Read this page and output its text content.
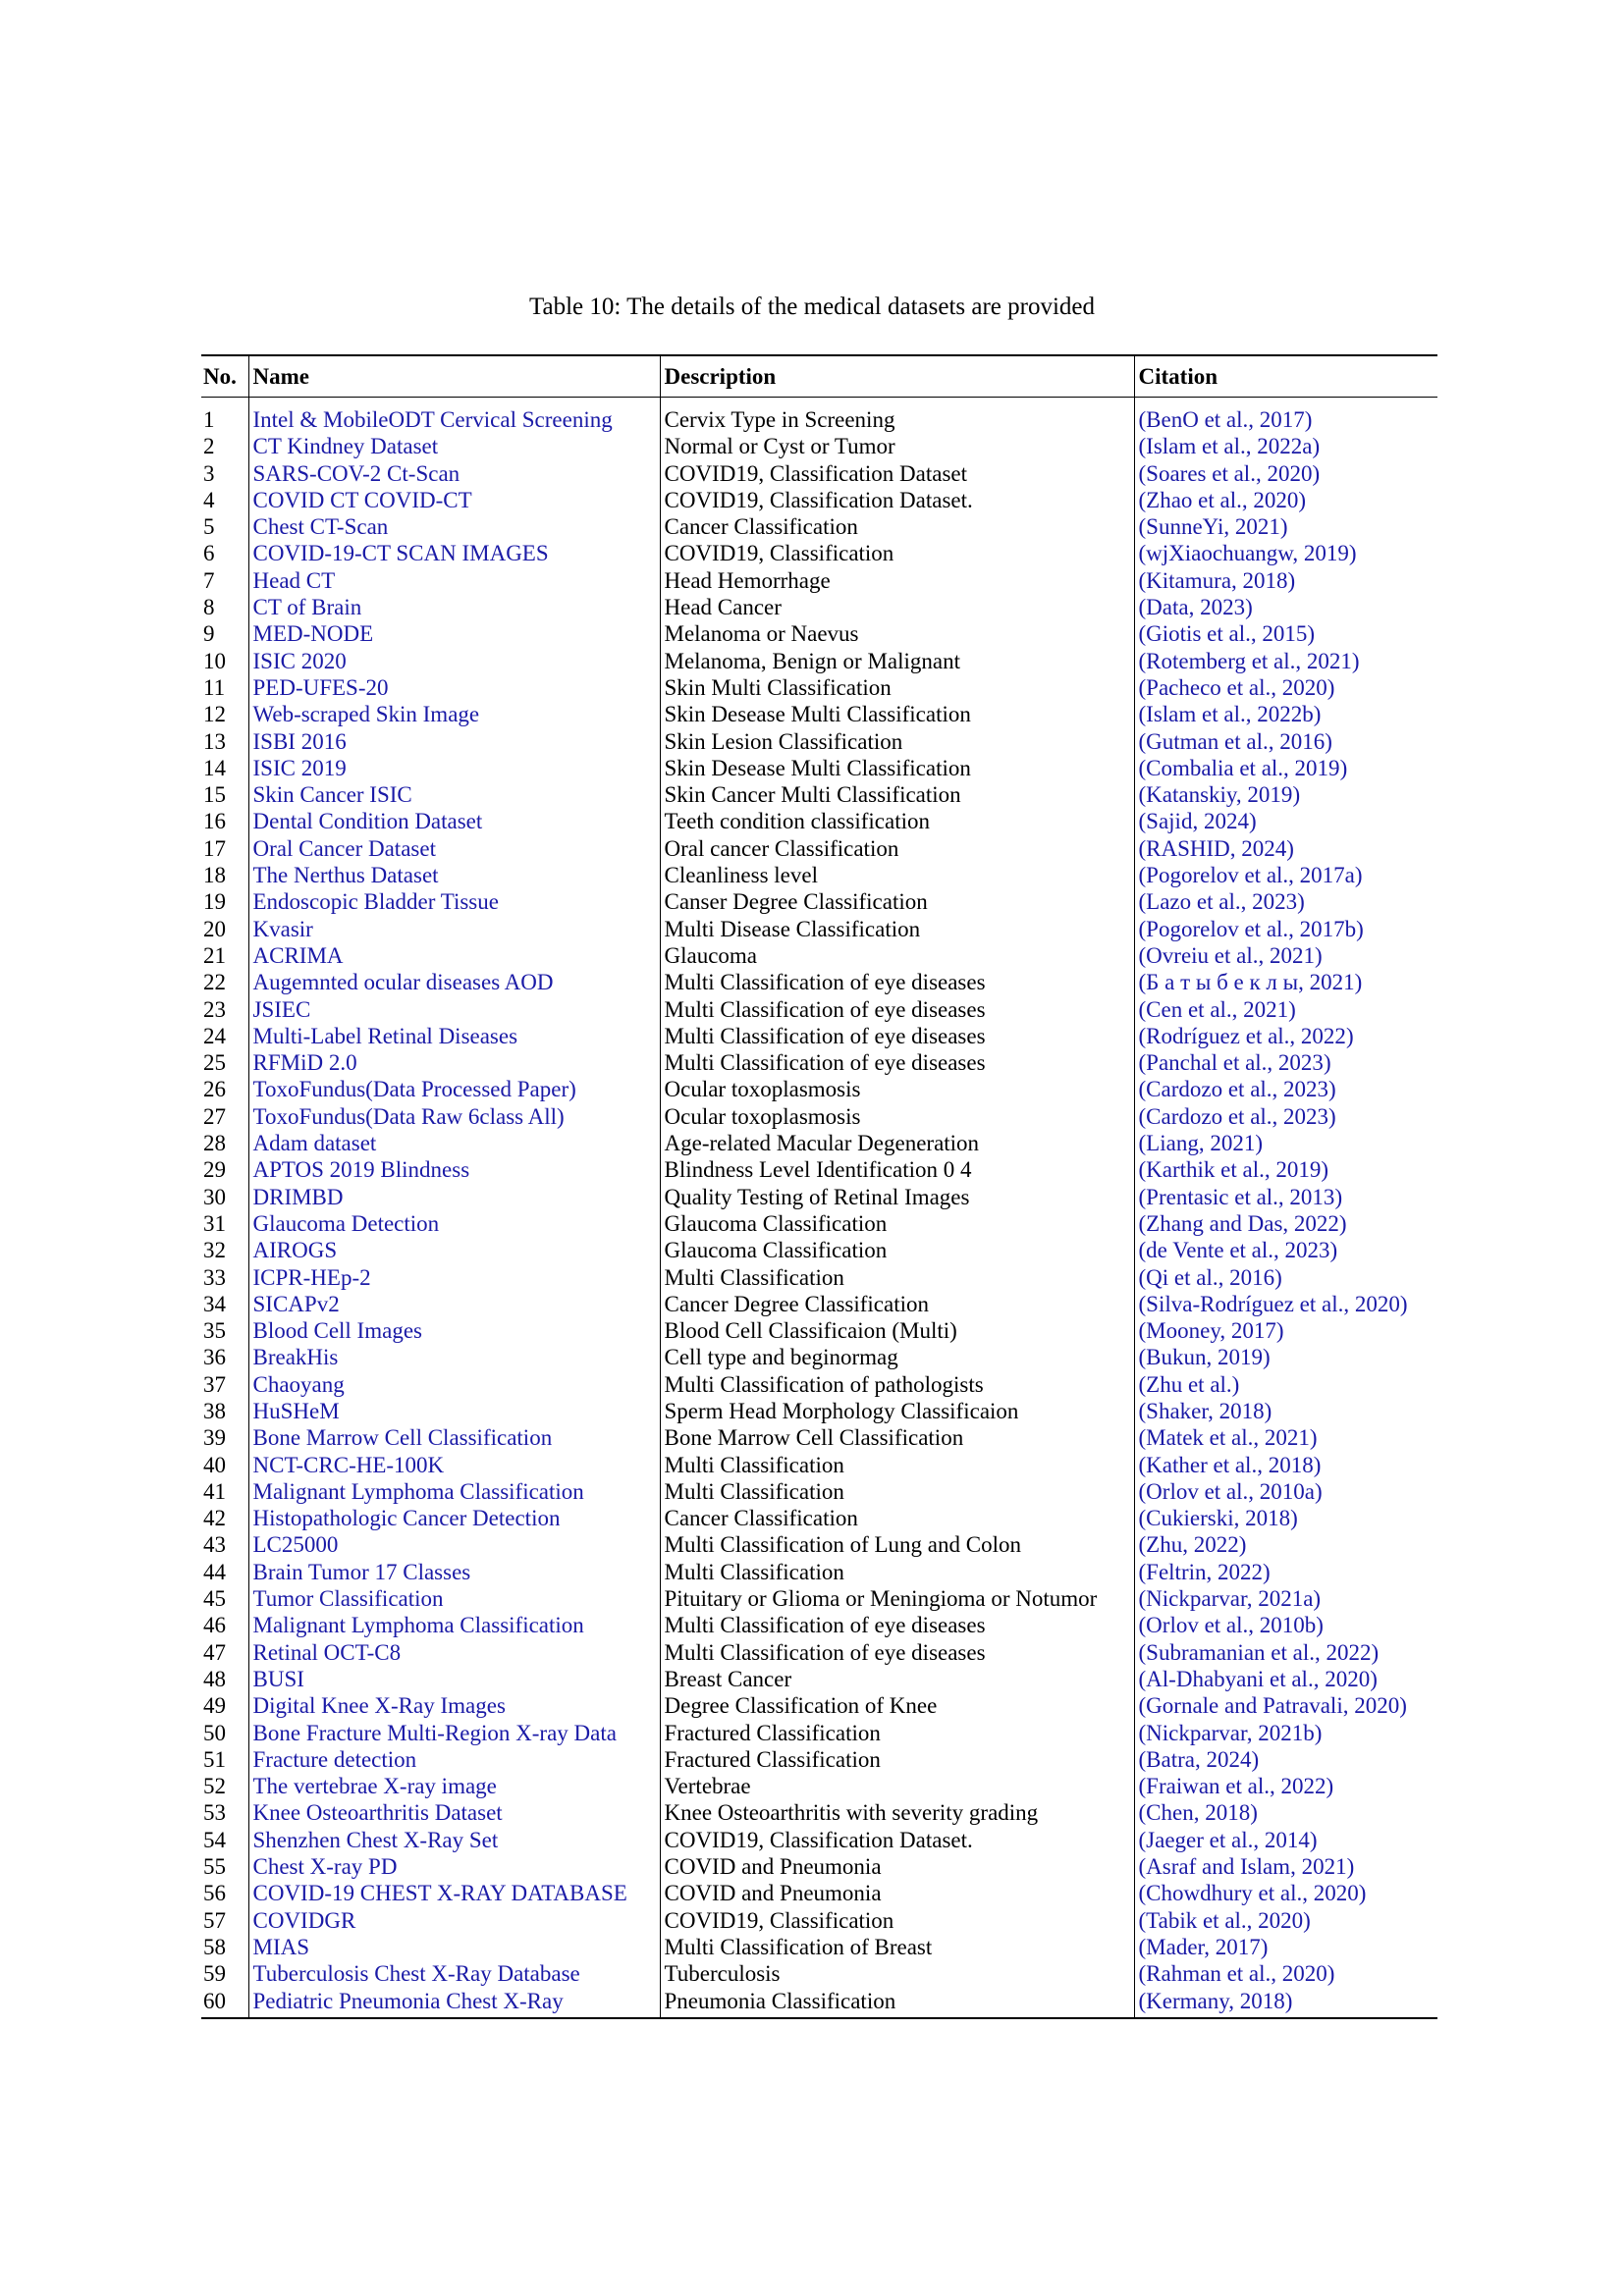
Table 10: The details of the medical datasets are provided
No.	Name	Description	Citation
1	Intel & MobileODT Cervical Screening	Cervix Type in Screening	(BenO et al., 2017)
2	CT Kindney Dataset	Normal or Cyst or Tumor	(Islam et al., 2022a)
3	SARS-COV-2 Ct-Scan	COVID19, Classification Dataset	(Soares et al., 2020)
4	COVID CT COVID-CT	COVID19, Classification Dataset.	(Zhao et al., 2020)
5	Chest CT-Scan	Cancer Classification	(SunneYi, 2021)
6	COVID-19-CT SCAN IMAGES	COVID19, Classification	(wjXiaochuangw, 2019)
7	Head CT	Head Hemorrhage	(Kitamura, 2018)
8	CT of Brain	Head Cancer	(Data, 2023)
9	MED-NODE	Melanoma or Naevus	(Giotis et al., 2015)
10	ISIC 2020	Melanoma, Benign or Malignant	(Rotemberg et al., 2021)
11	PED-UFES-20	Skin Multi Classification	(Pacheco et al., 2020)
12	Web-scraped Skin Image	Skin Desease Multi Classification	(Islam et al., 2022b)
13	ISBI 2016	Skin Lesion Classification	(Gutman et al., 2016)
14	ISIC 2019	Skin Desease Multi Classification	(Combalia et al., 2019)
15	Skin Cancer ISIC	Skin Cancer Multi Classification	(Katanskiy, 2019)
16	Dental Condition Dataset	Teeth condition classification	(Sajid, 2024)
17	Oral Cancer Dataset	Oral cancer Classification	(RASHID, 2024)
18	The Nerthus Dataset	Cleanliness level	(Pogorelov et al., 2017a)
19	Endoscopic Bladder Tissue	Canser Degree Classification	(Lazo et al., 2023)
20	Kvasir	Multi Disease Classification	(Pogorelov et al., 2017b)
21	ACRIMA	Glaucoma	(Ovreiu et al., 2021)
22	Augemnted ocular diseases AOD	Multi Classification of eye diseases	(Б а т ы б е к л ы, 2021)
23	JSIEC	Multi Classification of eye diseases	(Cen et al., 2021)
24	Multi-Label Retinal Diseases	Multi Classification of eye diseases	(Rodríguez et al., 2022)
25	RFMiD 2.0	Multi Classification of eye diseases	(Panchal et al., 2023)
26	ToxoFundus(Data Processed Paper)	Ocular toxoplasmosis	(Cardozo et al., 2023)
27	ToxoFundus(Data Raw 6class All)	Ocular toxoplasmosis	(Cardozo et al., 2023)
28	Adam dataset	Age-related Macular Degeneration	(Liang, 2021)
29	APTOS 2019 Blindness	Blindness Level Identification 0 4	(Karthik et al., 2019)
30	DRIMBD	Quality Testing of Retinal Images	(Prentasic et al., 2013)
31	Glaucoma Detection	Glaucoma Classification	(Zhang and Das, 2022)
32	AIROGS	Glaucoma Classification	(de Vente et al., 2023)
33	ICPR-HEp-2	Multi Classification	(Qi et al., 2016)
34	SICAPv2	Cancer Degree Classification	(Silva-Rodríguez et al., 2020)
35	Blood Cell Images	Blood Cell Classificaion (Multi)	(Mooney, 2017)
36	BreakHis	Cell type and beginormag	(Bukun, 2019)
37	Chaoyang	Multi Classification of pathologists	(Zhu et al.)
38	HuSHeM	Sperm Head Morphology Classificaion	(Shaker, 2018)
39	Bone Marrow Cell Classification	Bone Marrow Cell Classification	(Matek et al., 2021)
40	NCT-CRC-HE-100K	Multi Classification	(Kather et al., 2018)
41	Malignant Lymphoma Classification	Multi Classification	(Orlov et al., 2010a)
42	Histopathologic Cancer Detection	Cancer Classification	(Cukierski, 2018)
43	LC25000	Multi Classification of Lung and Colon	(Zhu, 2022)
44	Brain Tumor 17 Classes	Multi Classification	(Feltrin, 2022)
45	Tumor Classification	Pituitary or Glioma or Meningioma or Notumor	(Nickparvar, 2021a)
46	Malignant Lymphoma Classification	Multi Classification of eye diseases	(Orlov et al., 2010b)
47	Retinal OCT-C8	Multi Classification of eye diseases	(Subramanian et al., 2022)
48	BUSI	Breast Cancer	(Al-Dhabyani et al., 2020)
49	Digital Knee X-Ray Images	Degree Classification of Knee	(Gornale and Patravali, 2020)
50	Bone Fracture Multi-Region X-ray Data	Fractured Classification	(Nickparvar, 2021b)
51	Fracture detection	Fractured Classification	(Batra, 2024)
52	The vertebrae X-ray image	Vertebrae	(Fraiwan et al., 2022)
53	Knee Osteoarthritis Dataset	Knee Osteoarthritis with severity grading	(Chen, 2018)
54	Shenzhen Chest X-Ray Set	COVID19, Classification Dataset.	(Jaeger et al., 2014)
55	Chest X-ray PD	COVID and Pneumonia	(Asraf and Islam, 2021)
56	COVID-19 CHEST X-RAY DATABASE	COVID and Pneumonia	(Chowdhury et al., 2020)
57	COVIDGR	COVID19, Classification	(Tabik et al., 2020)
58	MIAS	Multi Classification of Breast	(Mader, 2017)
59	Tuberculosis Chest X-Ray Database	Tuberculosis	(Rahman et al., 2020)
60	Pediatric Pneumonia Chest X-Ray	Pneumonia Classification	(Kermany, 2018)
